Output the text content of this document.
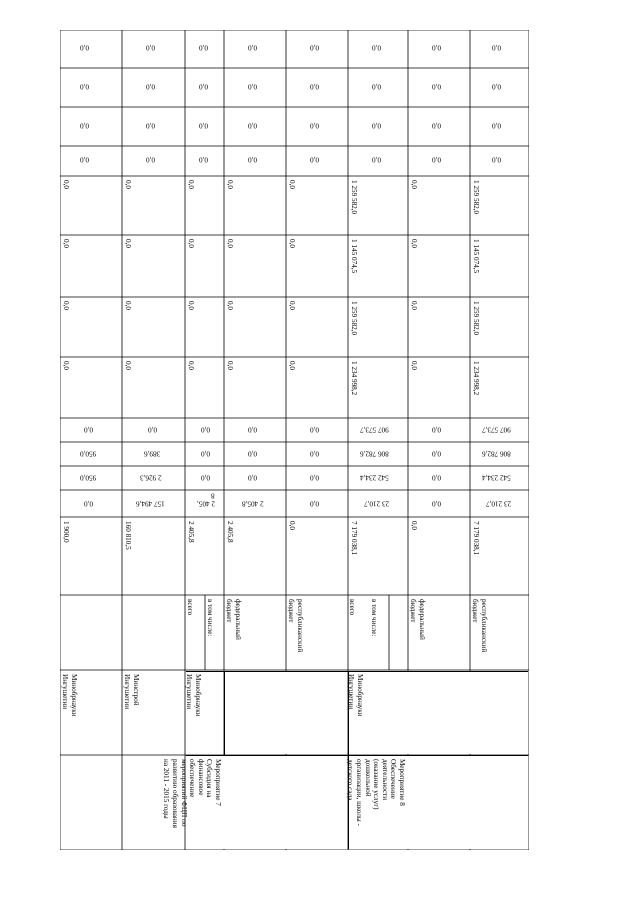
0,0
0,0
0,0
0,0
0,0
0,0
0,0
0,0
0,0
950,0
950,0
0,0
1 900,0
Минобрнауки
Ингушетии
0,0
0,0
0,0
0,0
0,0
0,0
0,0
0,0
0,0
389,6
2 926,3
157 494,6
160 810,5
Минстрой
Ингушетии
0,0
0,0
0,0
0,0
0,0
0,0
0,0
0,0
0,0
0,0
0,0
2 405,
8
2 405,8
всего в том числе:
Минобрнауки
Ингушетии
Мероприятие 7
Субсидия на
финансовое
обеспечение
мероприятий ФЦП по
развитию образования
на 2011 - 2015 годы
0,0
0,0
0,0
0,0
0,0
0,0
0,0
0,0
0,0
0,0
0,0
2 405,8
2 405,8
федеральный
бюджет
0,0
0,0
0,0
0,0
0,0
0,0
0,0
0,0
0,0
0,0
0,0
0,0
0,0
республиканский
бюджет
0,0
0,0
0,0
0,0
1 259 582,0
1 145 074,5
1 259 582,0
1 234 998,2
907 573,7
806 782,6
542 234,4
23 210,7
7 179 038,1
всего в том числе:
Минобрнауки
Ингушетии
Мероприятие 8
Обеспечение
деятельности
(оказание услуг)
дошкольной
организации, школы -
детского сада
0,0
0,0
0,0
0,0
0,0
0,0
0,0
0,0
0,0
0,0
0,0
0,0
0,0
федеральный
бюджет
0,0
0,0
0,0
0,0
1 259 582,0
1 145 074,5
1 259 582,0
1 234 998,2
907 573,7
806 782,6
542 234,4
23 210,7
7 179 038,1
республиканский
бюджет
